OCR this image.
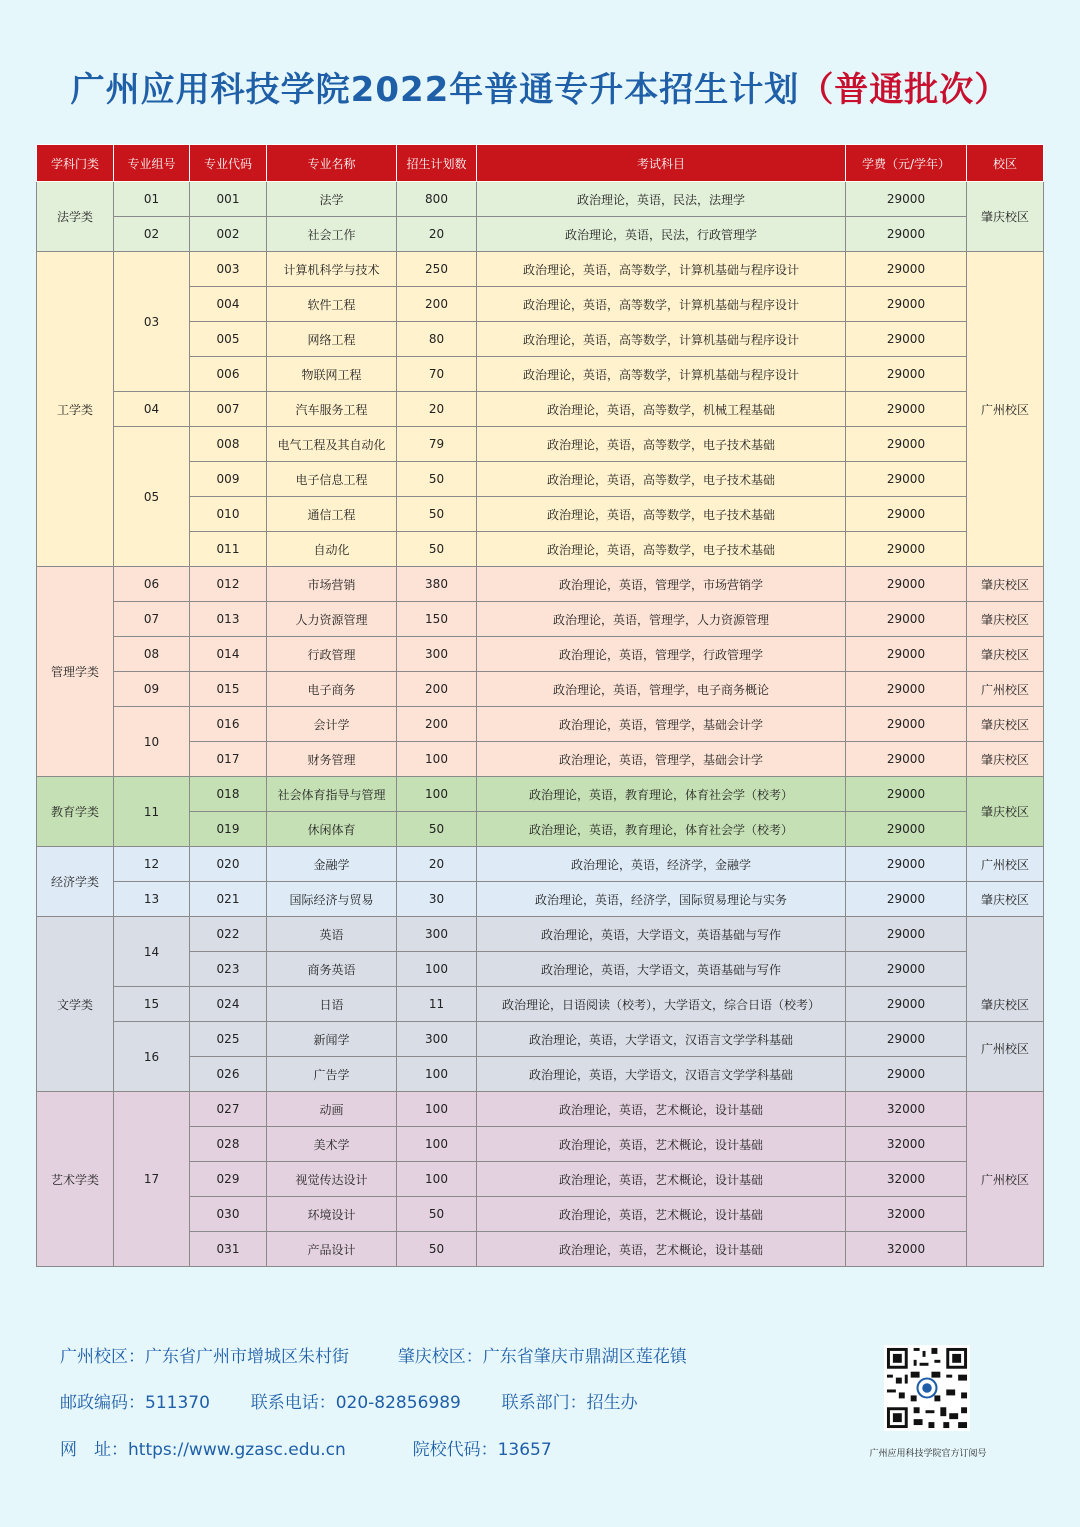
广州应用科技学院2022年普通专升本招生计划（普通批次）
学科门类	专业组号	专业代码	专业名称	招生计划数	考试科目	学费（元/学年）	校区
法学类	01	001	法学	800	政治理论，英语，民法，法理学	29000	肇庆校区
	02	002	社会工作	20	政治理论，英语，民法，行政管理学	29000	
工学类	03	003	计算机科学与技术	250	政治理论，英语，高等数学，计算机基础与程序设计	29000	广州校区
		004	软件工程	200	政治理论，英语，高等数学，计算机基础与程序设计	29000	
		005	网络工程	80	政治理论，英语，高等数学，计算机基础与程序设计	29000	
		006	物联网工程	70	政治理论，英语，高等数学，计算机基础与程序设计	29000	
	04	007	汽车服务工程	20	政治理论，英语，高等数学，机械工程基础	29000	
	05	008	电气工程及其自动化	79	政治理论，英语，高等数学，电子技术基础	29000	
		009	电子信息工程	50	政治理论，英语，高等数学，电子技术基础	29000	
		010	通信工程	50	政治理论，英语，高等数学，电子技术基础	29000	
		011	自动化	50	政治理论，英语，高等数学，电子技术基础	29000	
管理学类	06	012	市场营销	380	政治理论，英语，管理学，市场营销学	29000	肇庆校区
	07	013	人力资源管理	150	政治理论，英语，管理学，人力资源管理	29000	肇庆校区
	08	014	行政管理	300	政治理论，英语，管理学，行政管理学	29000	肇庆校区
	09	015	电子商务	200	政治理论，英语，管理学，电子商务概论	29000	广州校区
	10	016	会计学	200	政治理论，英语，管理学，基础会计学	29000	肇庆校区
		017	财务管理	100	政治理论，英语，管理学，基础会计学	29000	肇庆校区
教育学类	11	018	社会体育指导与管理	100	政治理论，英语，教育理论，体育社会学（校考）	29000	肇庆校区
		019	休闲体育	50	政治理论，英语，教育理论，体育社会学（校考）	29000	
经济学类	12	020	金融学	20	政治理论，英语，经济学，金融学	29000	广州校区
	13	021	国际经济与贸易	30	政治理论，英语，经济学，国际贸易理论与实务	29000	肇庆校区
文学类	14	022	英语	300	政治理论，英语，大学语文，英语基础与写作	29000	肇庆校区
		023	商务英语	100	政治理论，英语，大学语文，英语基础与写作	29000	
	15	024	日语	11	政治理论，日语阅读（校考），大学语文，综合日语（校考）	29000	
	16	025	新闻学	300	政治理论，英语，大学语文，汉语言文学学科基础	29000	广州校区
		026	广告学	100	政治理论，英语，大学语文，汉语言文学学科基础	29000	
艺术学类	17	027	动画	100	政治理论，英语，艺术概论，设计基础	32000	广州校区
		028	美术学	100	政治理论，英语，艺术概论，设计基础	32000	
		029	视觉传达设计	100	政治理论，英语，艺术概论，设计基础	32000	
		030	环境设计	50	政治理论，英语，艺术概论，设计基础	32000	
		031	产品设计	50	政治理论，英语，艺术概论，设计基础	32000	
广州校区：广东省广州市增城区朱村街	肇庆校区：广东省肇庆市鼎湖区莲花镇
邮政编码：511370 联系电话：020-82856989 联系部门：招生办
网　址：https://www.gzasc.edu.cn	院校代码：13657	广州应用科技学院官方订阅号
